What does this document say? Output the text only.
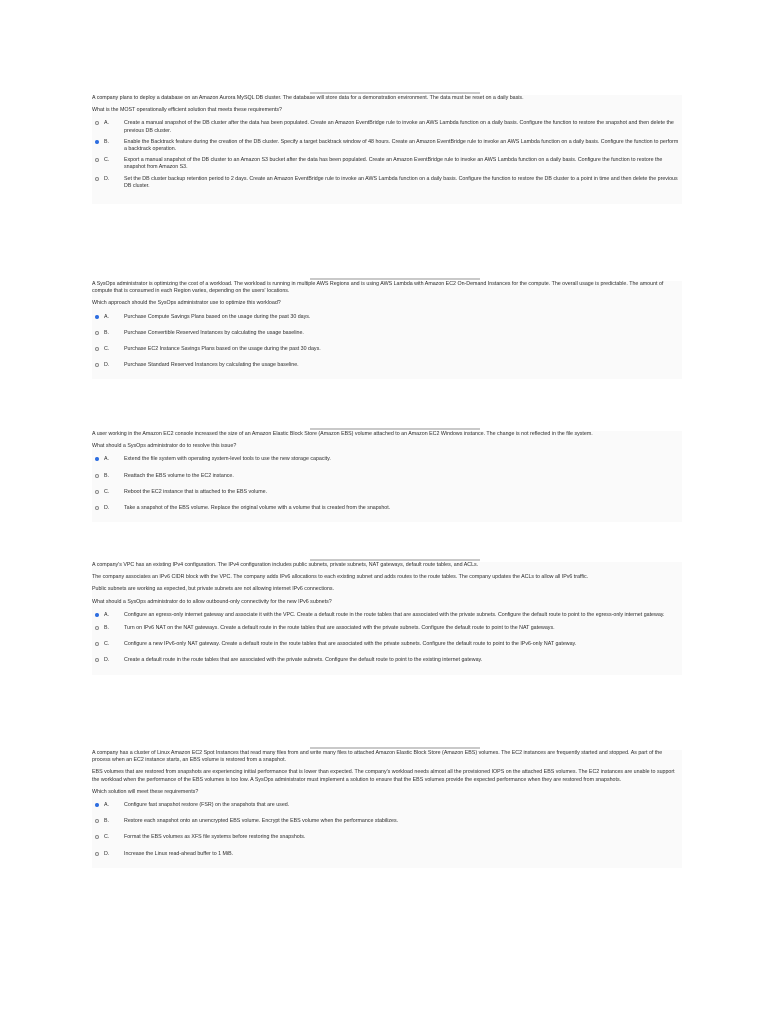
A company plans to deploy a database on an Amazon Aurora MySQL DB cluster. The database will store data for a demonstration environment. The data must be reset on a daily basis.

What is the MOST operationally efficient solution that meets these requirements?

A.	Create a manual snapshot of the DB cluster after the data has been populated. Create an Amazon EventBridge rule to invoke an AWS Lambda function on a daily basis. Configure the function to restore the snapshot and then delete the previous DB cluster.
B.	Enable the Backtrack feature during the creation of the DB cluster. Specify a target backtrack window of 48 hours. Create an Amazon EventBridge rule to invoke an AWS Lambda function on a daily basis. Configure the function to perform a backtrack operation.
C.	Export a manual snapshot of the DB cluster to an Amazon S3 bucket after the data has been populated. Create an Amazon EventBridge rule to invoke an AWS Lambda function on a daily basis. Configure the function to restore the snapshot from Amazon S3.
D.	Set the DB cluster backup retention period to 2 days. Create an Amazon EventBridge rule to invoke an AWS Lambda function on a daily basis. Configure the function to restore the DB cluster to a point in time and then delete the previous DB cluster.

A SysOps administrator is optimizing the cost of a workload. The workload is running in multiple AWS Regions and is using AWS Lambda with Amazon EC2 On-Demand Instances for the compute. The overall usage is predictable. The amount of compute that is consumed in each Region varies, depending on the users' locations.

Which approach should the SysOps administrator use to optimize this workload?

A.	Purchase Compute Savings Plans based on the usage during the past 30 days.
B.	Purchase Convertible Reserved Instances by calculating the usage baseline.
C.	Purchase EC2 Instance Savings Plans based on the usage during the past 30 days.
D.	Purchase Standard Reserved Instances by calculating the usage baseline.

A user working in the Amazon EC2 console increased the size of an Amazon Elastic Block Store (Amazon EBS) volume attached to an Amazon EC2 Windows instance. The change is not reflected in the file system.

What should a SysOps administrator do to resolve this issue?

A.	Extend the file system with operating system-level tools to use the new storage capacity.
B.	Reattach the EBS volume to the EC2 instance.
C.	Reboot the EC2 instance that is attached to the EBS volume.
D.	Take a snapshot of the EBS volume. Replace the original volume with a volume that is created from the snapshot.

A company's VPC has an existing IPv4 configuration. The IPv4 configuration includes public subnets, private subnets, NAT gateways, default route tables, and ACLs.

The company associates an IPv6 CIDR block with the VPC. The company adds IPv6 allocations to each existing subnet and adds routes to the route tables. The company updates the ACLs to allow all IPv6 traffic.

Public subnets are working as expected, but private subnets are not allowing internet IPv6 connections.

What should a SysOps administrator do to allow outbound-only connectivity for the new IPv6 subnets?

A.	Configure an egress-only internet gateway and associate it with the VPC. Create a default route in the route tables that are associated with the private subnets. Configure the default route to point to the egress-only internet gateway.
B.	Turn on IPv6 NAT on the NAT gateways. Create a default route in the route tables that are associated with the private subnets. Configure the default route to point to the NAT gateways.
C.	Configure a new IPv6-only NAT gateway. Create a default route in the route tables that are associated with the private subnets. Configure the default route to point to the IPv6-only NAT gateway.
D.	Create a default route in the route tables that are associated with the private subnets. Configure the default route to point to the existing internet gateway.

A company has a cluster of Linux Amazon EC2 Spot Instances that read many files from and write many files to attached Amazon Elastic Block Store (Amazon EBS) volumes. The EC2 instances are frequently started and stopped. As part of the process when an EC2 instance starts, an EBS volume is restored from a snapshot.

EBS volumes that are restored from snapshots are experiencing initial performance that is lower than expected. The company's workload needs almost all the provisioned IOPS on the attached EBS volumes. The EC2 instances are unable to support the workload when the performance of the EBS volumes is too low. A SysOps administrator must implement a solution to ensure that the EBS volumes provide the expected performance when they are restored from snapshots.

Which solution will meet these requirements?

A.	Configure fast snapshot restore (FSR) on the snapshots that are used.
B.	Restore each snapshot onto an unencrypted EBS volume. Encrypt the EBS volume when the performance stabilizes.
C.	Format the EBS volumes as XFS file systems before restoring the snapshots.
D.	Increase the Linux read-ahead buffer to 1 MiB.
